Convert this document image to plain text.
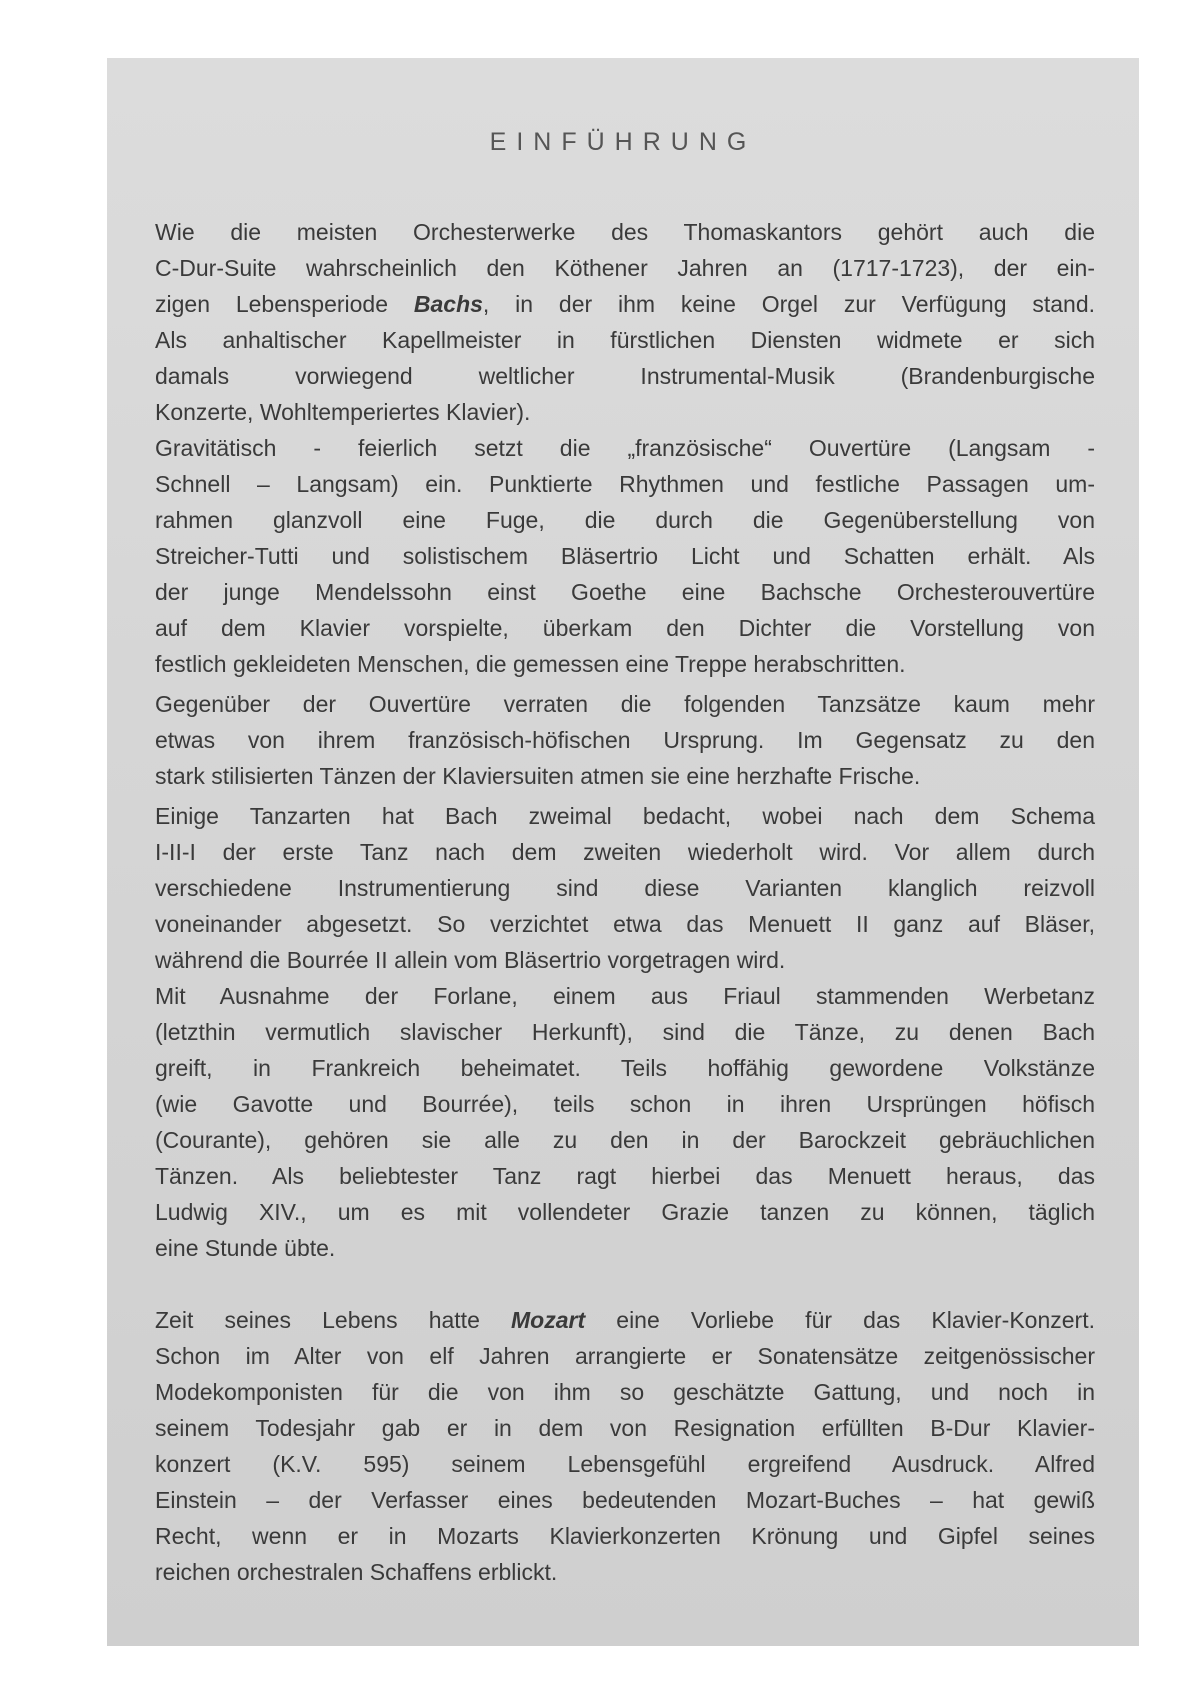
EINFÜHRUNG

Wie die meisten Orchesterwerke des Thomaskantors gehört auch die
C-Dur-Suite wahrscheinlich den Köthener Jahren an (1717-1723), der ein-
zigen Lebensperiode Bachs, in der ihm keine Orgel zur Verfügung stand.
Als anhaltischer Kapellmeister in fürstlichen Diensten widmete er sich
damals vorwiegend weltlicher Instrumental-Musik (Brandenburgische
Konzerte, Wohltemperiertes Klavier).

Gravitätisch - feierlich setzt die „französische“ Ouvertüre (Langsam -
Schnell – Langsam) ein. Punktierte Rhythmen und festliche Passagen um-
rahmen glanzvoll eine Fuge, die durch die Gegenüberstellung von
Streicher-Tutti und solistischem Bläsertrio Licht und Schatten erhält. Als
der junge Mendelssohn einst Goethe eine Bachsche Orchesterouvertüre
auf dem Klavier vorspielte, überkam den Dichter die Vorstellung von
festlich gekleideten Menschen, die gemessen eine Treppe herabschritten.

Gegenüber der Ouvertüre verraten die folgenden Tanzsätze kaum mehr
etwas von ihrem französisch-höfischen Ursprung. Im Gegensatz zu den
stark stilisierten Tänzen der Klaviersuiten atmen sie eine herzhafte Frische.

Einige Tanzarten hat Bach zweimal bedacht, wobei nach dem Schema
I-II-I der erste Tanz nach dem zweiten wiederholt wird. Vor allem durch
verschiedene Instrumentierung sind diese Varianten klanglich reizvoll
voneinander abgesetzt. So verzichtet etwa das Menuett II ganz auf Bläser,
während die Bourrée II allein vom Bläsertrio vorgetragen wird.

Mit Ausnahme der Forlane, einem aus Friaul stammenden Werbetanz
(letzthin vermutlich slavischer Herkunft), sind die Tänze, zu denen Bach
greift, in Frankreich beheimatet. Teils hoffähig gewordene Volkstänze
(wie Gavotte und Bourrée), teils schon in ihren Ursprüngen höfisch
(Courante), gehören sie alle zu den in der Barockzeit gebräuchlichen
Tänzen. Als beliebtester Tanz ragt hierbei das Menuett heraus, das
Ludwig XIV., um es mit vollendeter Grazie tanzen zu können, täglich
eine Stunde übte.

Zeit seines Lebens hatte Mozart eine Vorliebe für das Klavier-Konzert.
Schon im Alter von elf Jahren arrangierte er Sonatensätze zeitgenössischer
Modekomponisten für die von ihm so geschätzte Gattung, und noch in
seinem Todesjahr gab er in dem von Resignation erfüllten B-Dur Klavier-
konzert (K.V. 595) seinem Lebensgefühl ergreifend Ausdruck. Alfred
Einstein – der Verfasser eines bedeutenden Mozart-Buches – hat gewiß
Recht, wenn er in Mozarts Klavierkonzerten Krönung und Gipfel seines
reichen orchestralen Schaffens erblickt.
